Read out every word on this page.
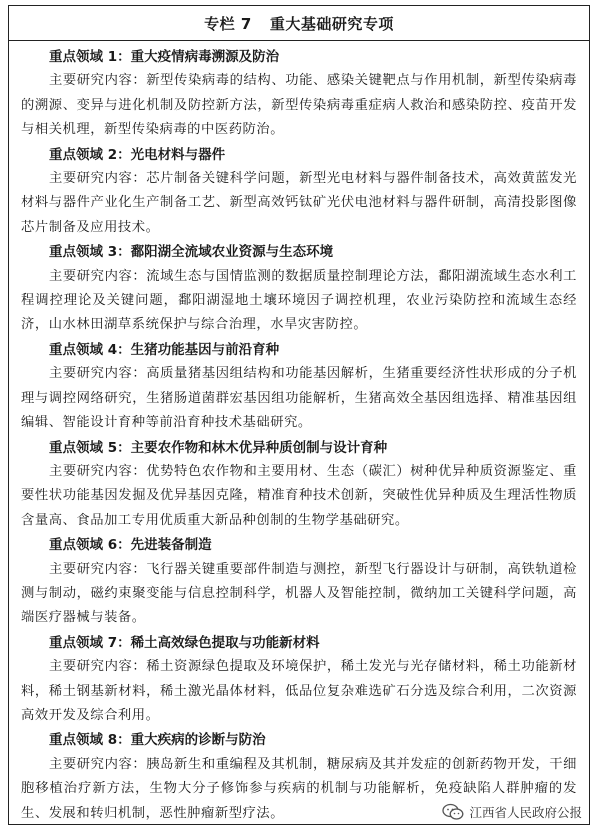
专栏 7 重大基础研究专项
重点领域 1：重大疫情病毒溯源及防治
主要研究内容：新型传染病毒的结构、功能、感染关键靶点与作用机制，新型传染病毒的溯源、变异与进化机制及防控新方法，新型传染病毒重症病人救治和感染防控、疫苗开发与相关机理，新型传染病毒的中医药防治。
重点领域 2：光电材料与器件
主要研究内容：芯片制备关键科学问题，新型光电材料与器件制备技术，高效黄蓝发光材料与器件产业化生产制备工艺、新型高效钙钛矿光伏电池材料与器件研制，高清投影图像芯片制备及应用技术。
重点领域 3：鄱阳湖全流域农业资源与生态环境
主要研究内容：流域生态与国情监测的数据质量控制理论方法，鄱阳湖流域生态水利工程调控理论及关键问题，鄱阳湖湿地土壤环境因子调控机理，农业污染防控和流域生态经济，山水林田湖草系统保护与综合治理，水旱灾害防控。
重点领域 4：生猪功能基因与前沿育种
主要研究内容：高质量猪基因组结构和功能基因解析，生猪重要经济性状形成的分子机理与调控网络研究，生猪肠道菌群宏基因组功能解析，生猪高效全基因组选择、精准基因组编辑、智能设计育种等前沿育种技术基础研究。
重点领域 5：主要农作物和林木优异种质创制与设计育种
主要研究内容：优势特色农作物和主要用材、生态（碳汇）树种优异种质资源鉴定、重要性状功能基因发掘及优异基因克隆，精准育种技术创新，突破性优异种质及生理活性物质含量高、食品加工专用优质重大新品种创制的生物学基础研究。
重点领域 6：先进装备制造
主要研究内容：飞行器关键重要部件制造与测控，新型飞行器设计与研制，高铁轨道检测与制动，磁约束聚变能与信息控制科学，机器人及智能控制，微纳加工关键科学问题，高端医疗器械与装备。
重点领域 7：稀土高效绿色提取与功能新材料
主要研究内容：稀土资源绿色提取及环境保护，稀土发光与光存储材料，稀土功能新材料，稀土钢基新材料，稀土激光晶体材料，低品位复杂难选矿石分选及综合利用，二次资源高效开发及综合利用。
重点领域 8：重大疾病的诊断与防治
主要研究内容：胰岛新生和重编程及其机制，糖尿病及其并发症的创新药物开发，干细胞移植治疗新方法，生物大分子修饰参与疾病的机制与功能解析，免疫缺陷人群肿瘤的发生、发展和转归机制，恶性肿瘤新型疗法。	江西省人民政府公报
